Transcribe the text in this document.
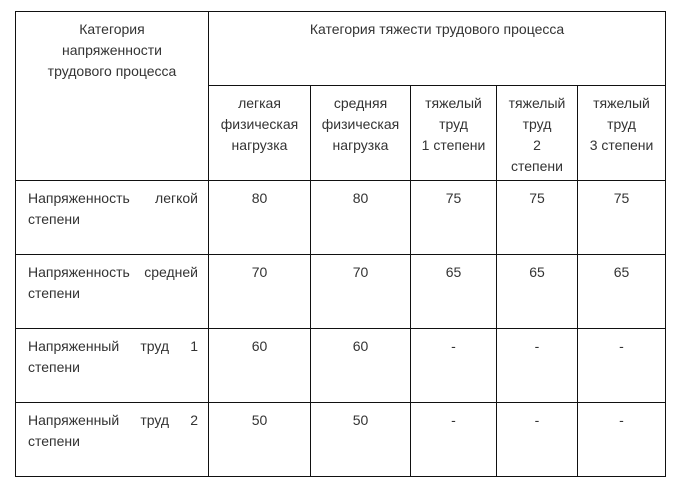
Категория
напряженности
трудового процесса	Категория тяжести трудового процесса				

	легкая
физическая
нагрузка	средняя
физическая
нагрузка	тяжелый
труд
1 степени	тяжелый
труд
2
степени	тяжелый
труд
3 степени

Напряженность легкой
степени	80	80	75	75	75

Напряженность средней
степени	70	70	65	65	65

Напряженный труд 1
степени	60	60	-	-	-

Напряженный труд 2
степени	50	50	-	-	-
